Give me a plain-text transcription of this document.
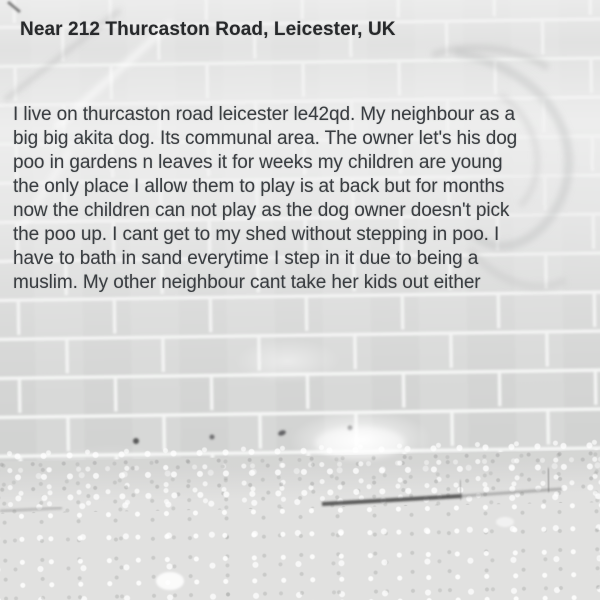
Near 212 Thurcaston Road, Leicester, UK
I live on thurcaston road leicester le42qd. My neighbour as a
big big akita dog. Its communal area. The owner let's his dog
poo in gardens n leaves it for weeks my children are young
the only place I allow them to play is at back but for months
now the children can not play as the dog owner doesn't pick
the poo up. I cant get to my shed without stepping in poo. I
have to bath in sand everytime I step in it due to being a
muslim. My other neighbour cant take her kids out either
